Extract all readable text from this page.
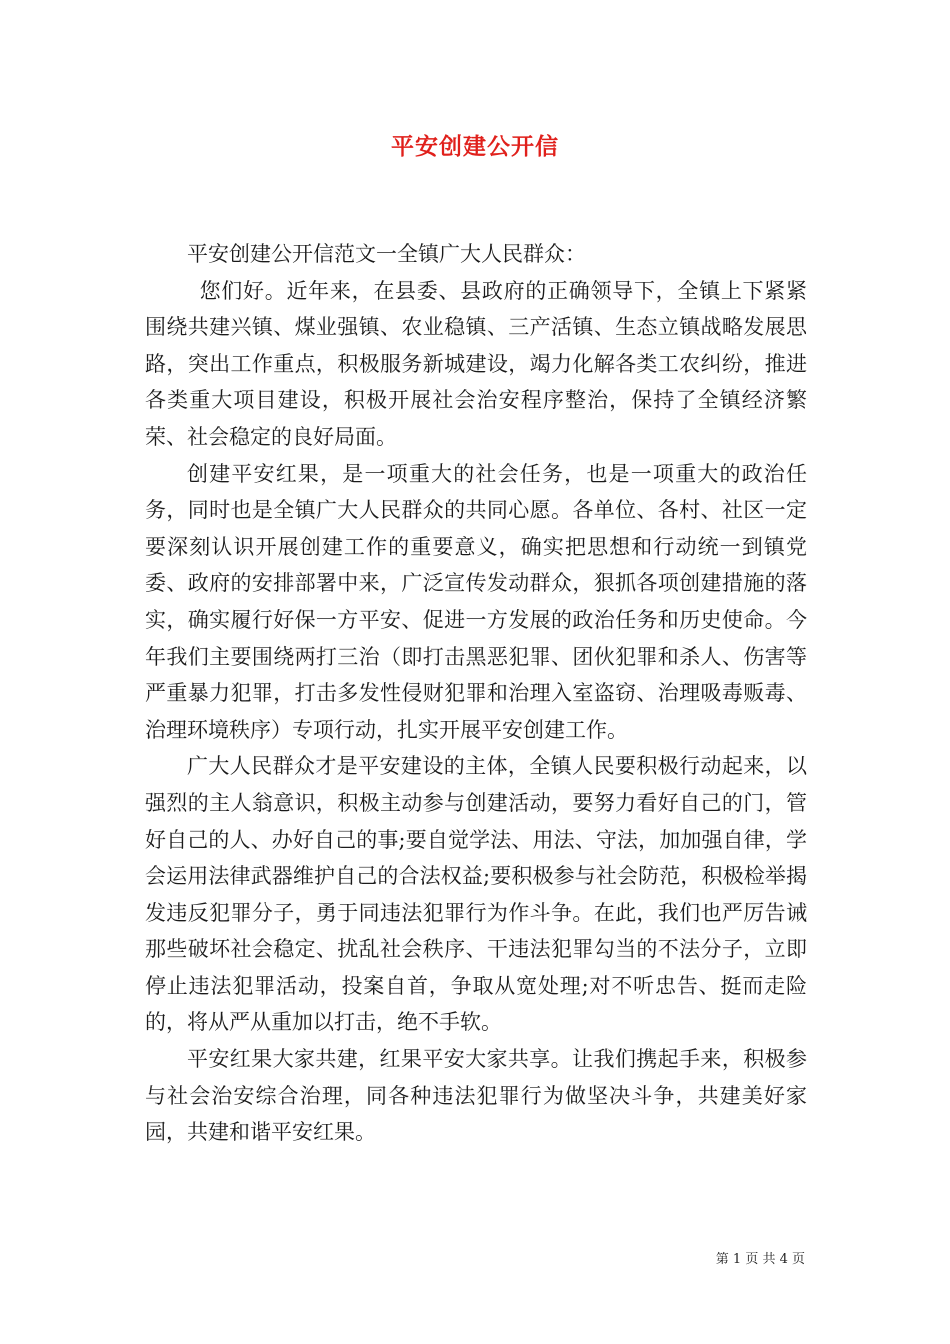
平安创建公开信

平安创建公开信范文一全镇广大人民群众：

您们好。近年来，在县委、县政府的正确领导下，全镇上下紧紧围绕共建兴镇、煤业强镇、农业稳镇、三产活镇、生态立镇战略发展思路，突出工作重点，积极服务新城建设，竭力化解各类工农纠纷，推进各类重大项目建设，积极开展社会治安程序整治，保持了全镇经济繁荣、社会稳定的良好局面。

创建平安红果，是一项重大的社会任务，也是一项重大的政治任务，同时也是全镇广大人民群众的共同心愿。各单位、各村、社区一定要深刻认识开展创建工作的重要意义，确实把思想和行动统一到镇党委、政府的安排部署中来，广泛宣传发动群众，狠抓各项创建措施的落实，确实履行好保一方平安、促进一方发展的政治任务和历史使命。今年我们主要围绕两打三治（即打击黑恶犯罪、团伙犯罪和杀人、伤害等严重暴力犯罪，打击多发性侵财犯罪和治理入室盗窃、治理吸毒贩毒、治理环境秩序）专项行动，扎实开展平安创建工作。

广大人民群众才是平安建设的主体，全镇人民要积极行动起来，以强烈的主人翁意识，积极主动参与创建活动，要努力看好自己的门，管好自己的人、办好自己的事;要自觉学法、用法、守法，加加强自律，学会运用法律武器维护自己的合法权益;要积极参与社会防范，积极检举揭发违反犯罪分子，勇于同违法犯罪行为作斗争。在此，我们也严厉告诫那些破坏社会稳定、扰乱社会秩序、干违法犯罪勾当的不法分子，立即停止违法犯罪活动，投案自首，争取从宽处理;对不听忠告、挺而走险的，将从严从重加以打击，绝不手软。

平安红果大家共建，红果平安大家共享。让我们携起手来，积极参与社会治安综合治理，同各种违法犯罪行为做坚决斗争，共建美好家园，共建和谐平安红果。

第 1 页 共 4 页
